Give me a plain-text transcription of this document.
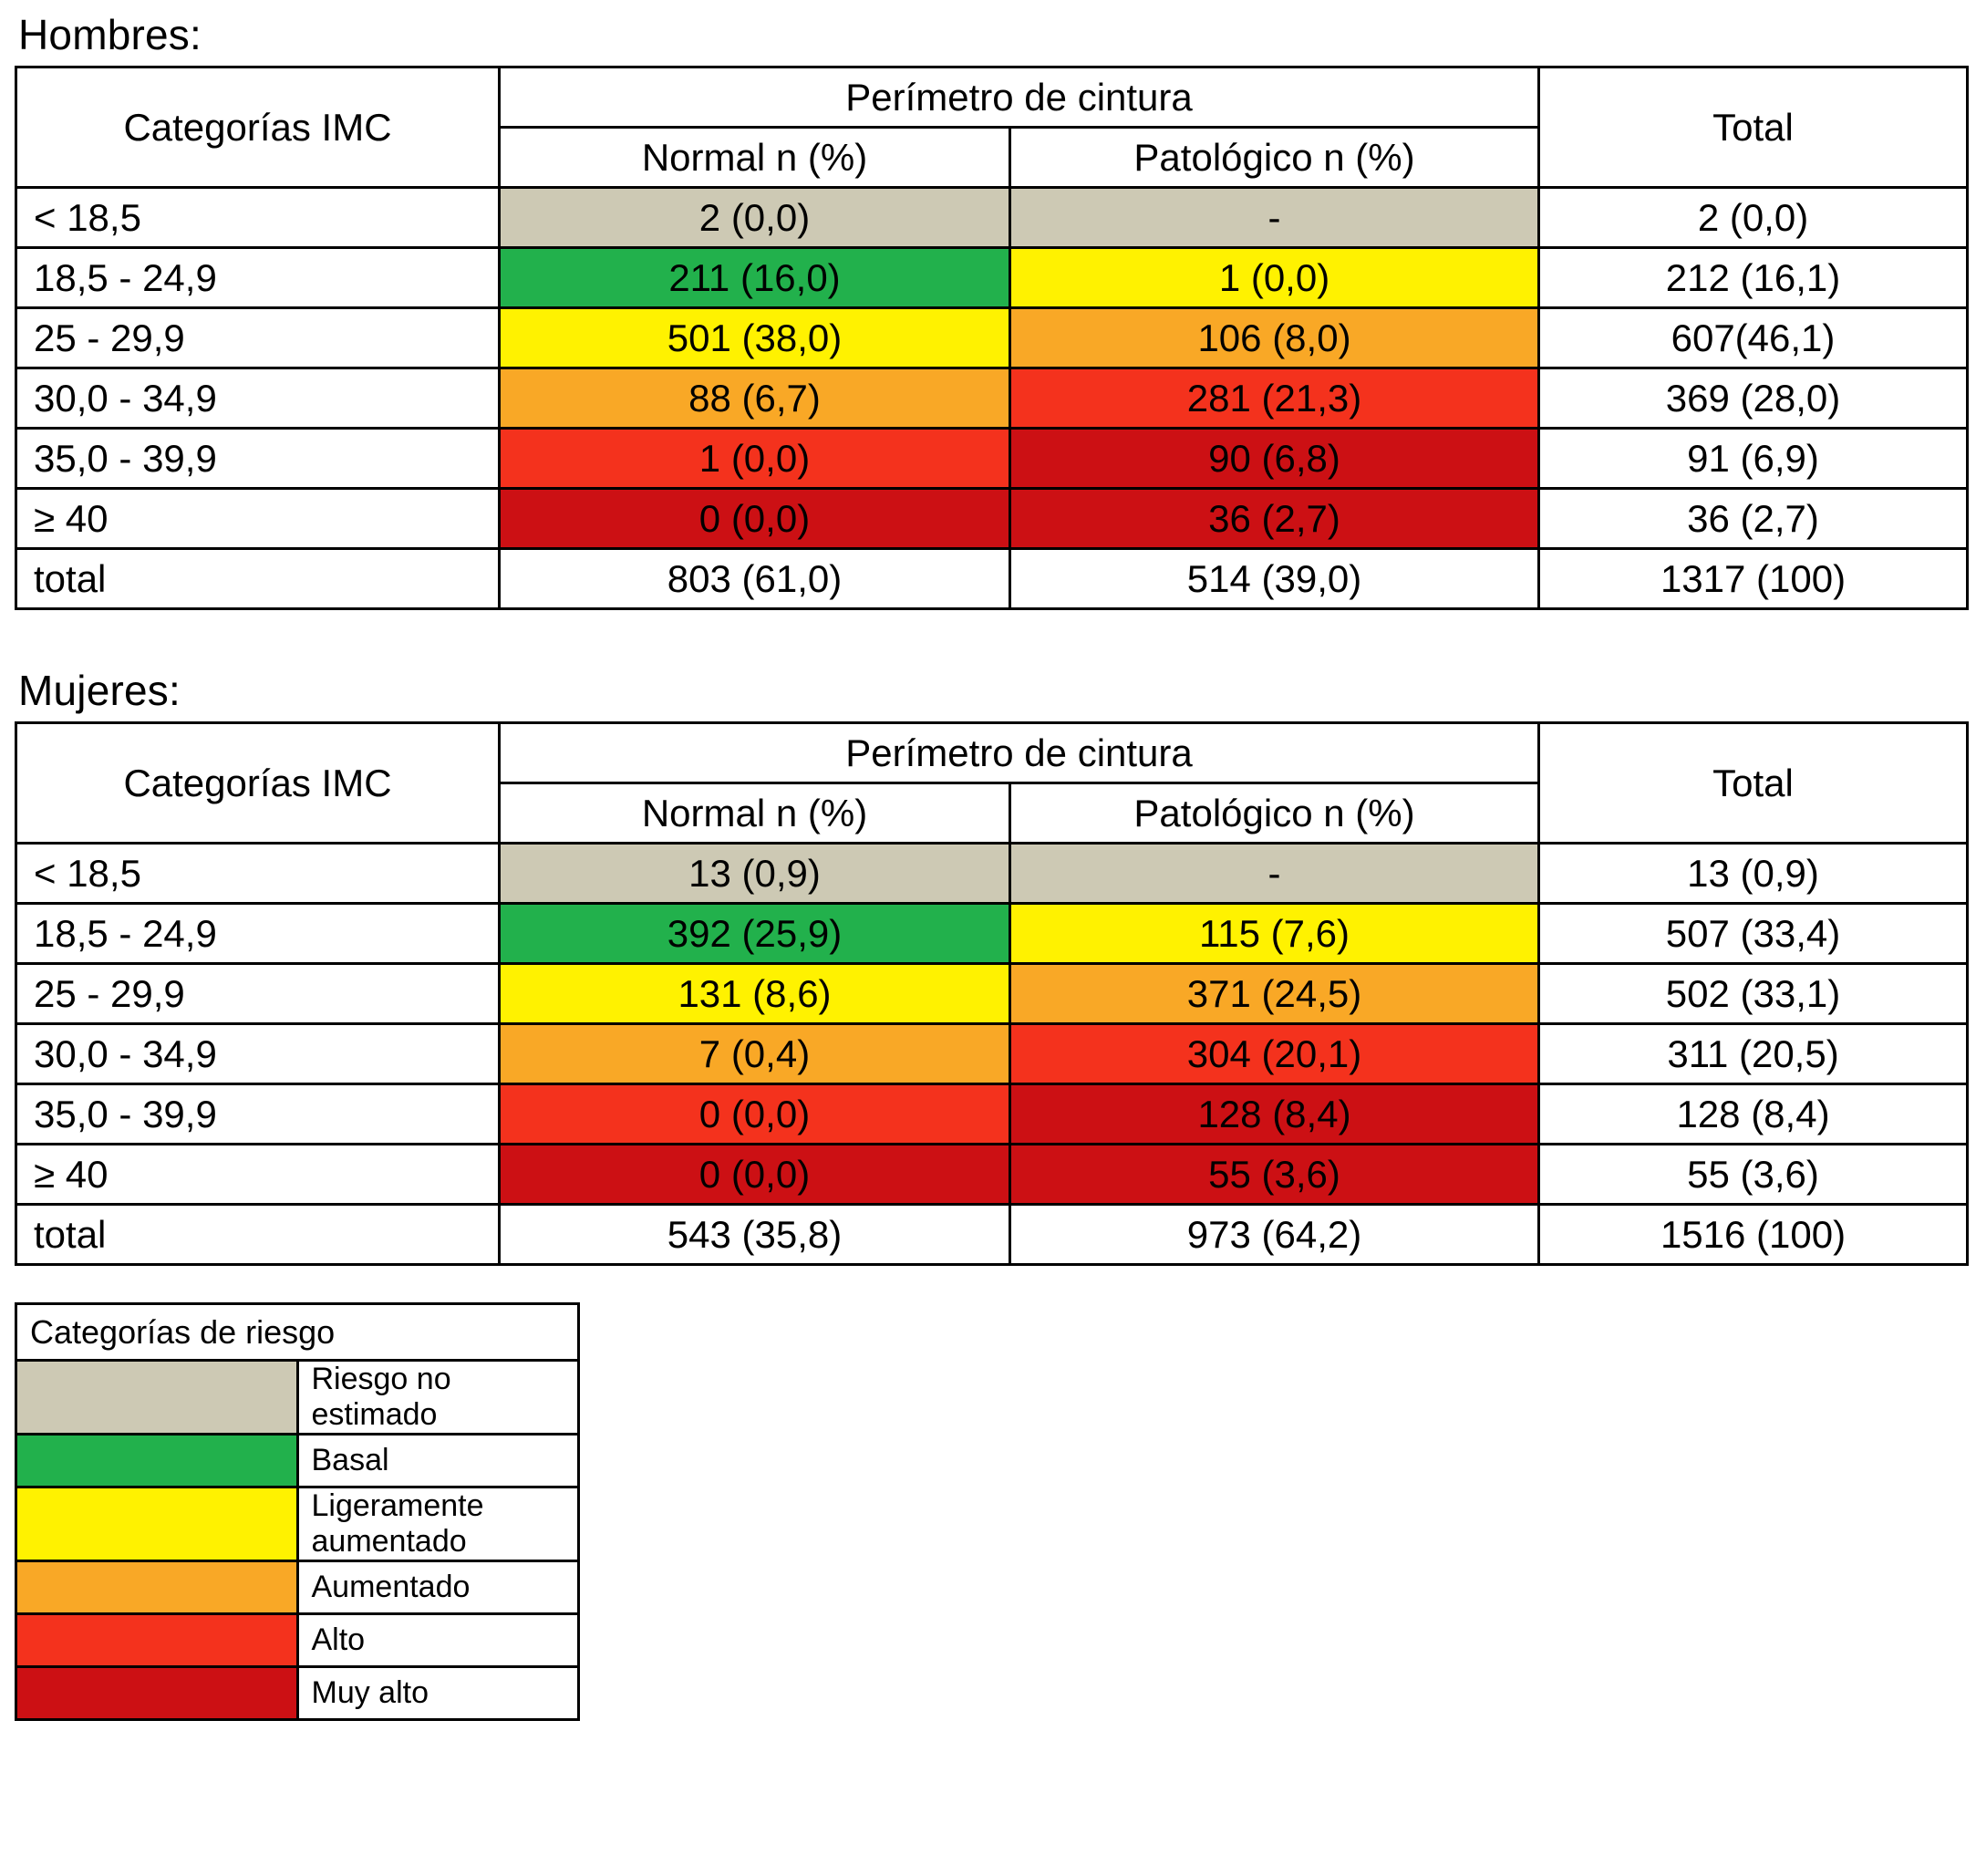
Hombres:
Categorías IMC	Perímetro de cintura		Total
	Normal n (%)	Patológico n (%)	
< 18,5	2 (0,0)	-	2 (0,0)
18,5 - 24,9	211 (16,0)	1 (0,0)	212 (16,1)
25 - 29,9	501 (38,0)	106 (8,0)	607(46,1)
30,0 - 34,9	88 (6,7)	281 (21,3)	369 (28,0)
35,0 - 39,9	1 (0,0)	90 (6,8)	91 (6,9)
≥ 40	0 (0,0)	36 (2,7)	36 (2,7)
total	803 (61,0)	514 (39,0)	1317 (100)
Mujeres:
Categorías IMC	Perímetro de cintura		Total
	Normal n (%)	Patológico n (%)	
< 18,5	13 (0,9)	-	13 (0,9)
18,5 - 24,9	392 (25,9)	115 (7,6)	507 (33,4)
25 - 29,9	131 (8,6)	371 (24,5)	502 (33,1)
30,0 - 34,9	7 (0,4)	304 (20,1)	311 (20,5)
35,0 - 39,9	0 (0,0)	128 (8,4)	128 (8,4)
≥ 40	0 (0,0)	55 (3,6)	55 (3,6)
total	543 (35,8)	973 (64,2)	1516 (100)
Categorías de riesgo	
	Riesgo no estimado
	Basal
	Ligeramente aumentado
	Aumentado
	Alto
	Muy alto
